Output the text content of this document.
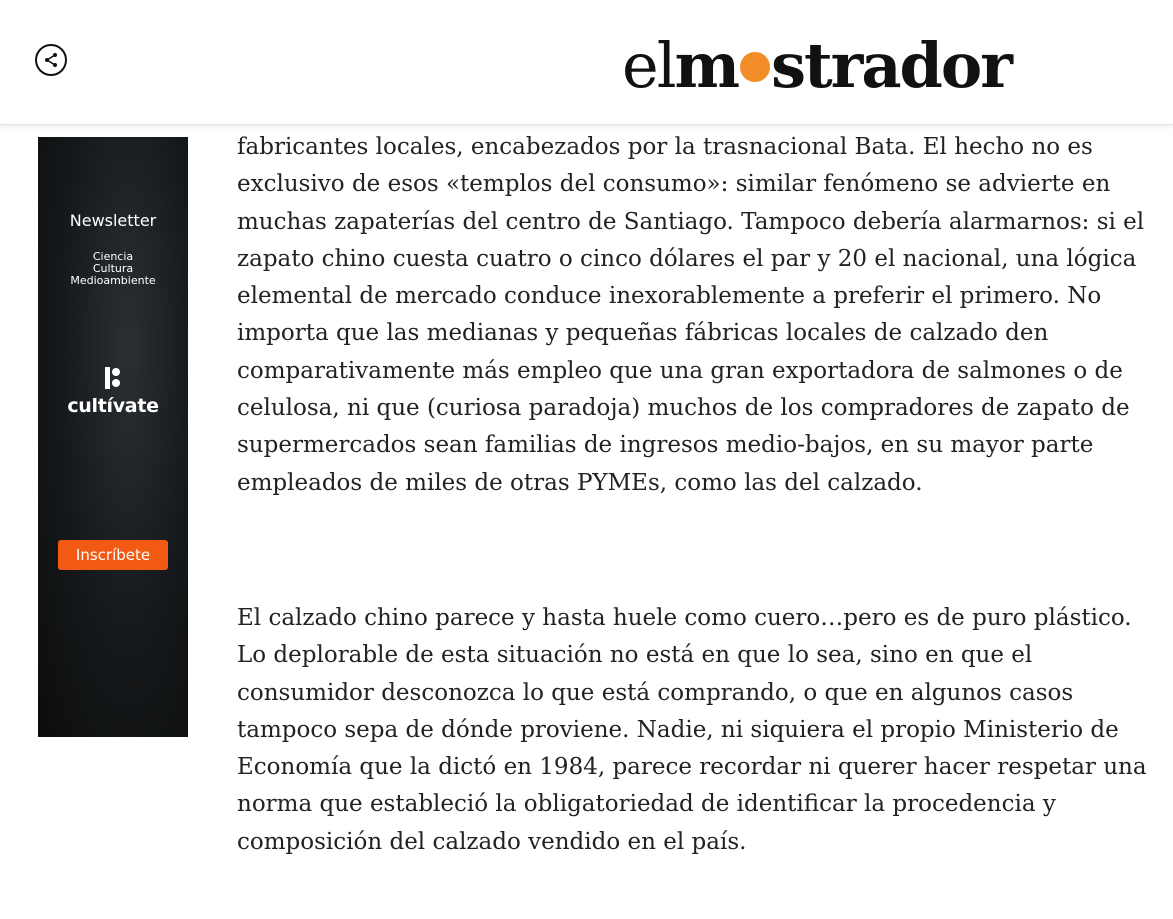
elm strador
Newsletter
Ciencia
Cultura
Medioambiente
cultívate
Inscríbete

fabricantes locales, encabezados por la trasnacional Bata. El hecho no es exclusivo de esos «templos del consumo»: similar fenómeno se advierte en muchas zapaterías del centro de Santiago. Tampoco debería alarmarnos: si el zapato chino cuesta cuatro o cinco dólares el par y 20 el nacional, una lógica elemental de mercado conduce inexorablemente a preferir el primero. No importa que las medianas y pequeñas fábricas locales de calzado den comparativamente más empleo que una gran exportadora de salmones o de celulosa, ni que (curiosa paradoja) muchos de los compradores de zapato de supermercados sean familias de ingresos medio-bajos, en su mayor parte empleados de miles de otras PYMEs, como las del calzado.

El calzado chino parece y hasta huele como cuero…pero es de puro plástico. Lo deplorable de esta situación no está en que lo sea, sino en que el consumidor desconozca lo que está comprando, o que en algunos casos tampoco sepa de dónde proviene. Nadie, ni siquiera el propio Ministerio de Economía que la dictó en 1984, parece recordar ni querer hacer respetar una norma que estableció la obligatoriedad de identificar la procedencia y composición del calzado vendido en el país.
